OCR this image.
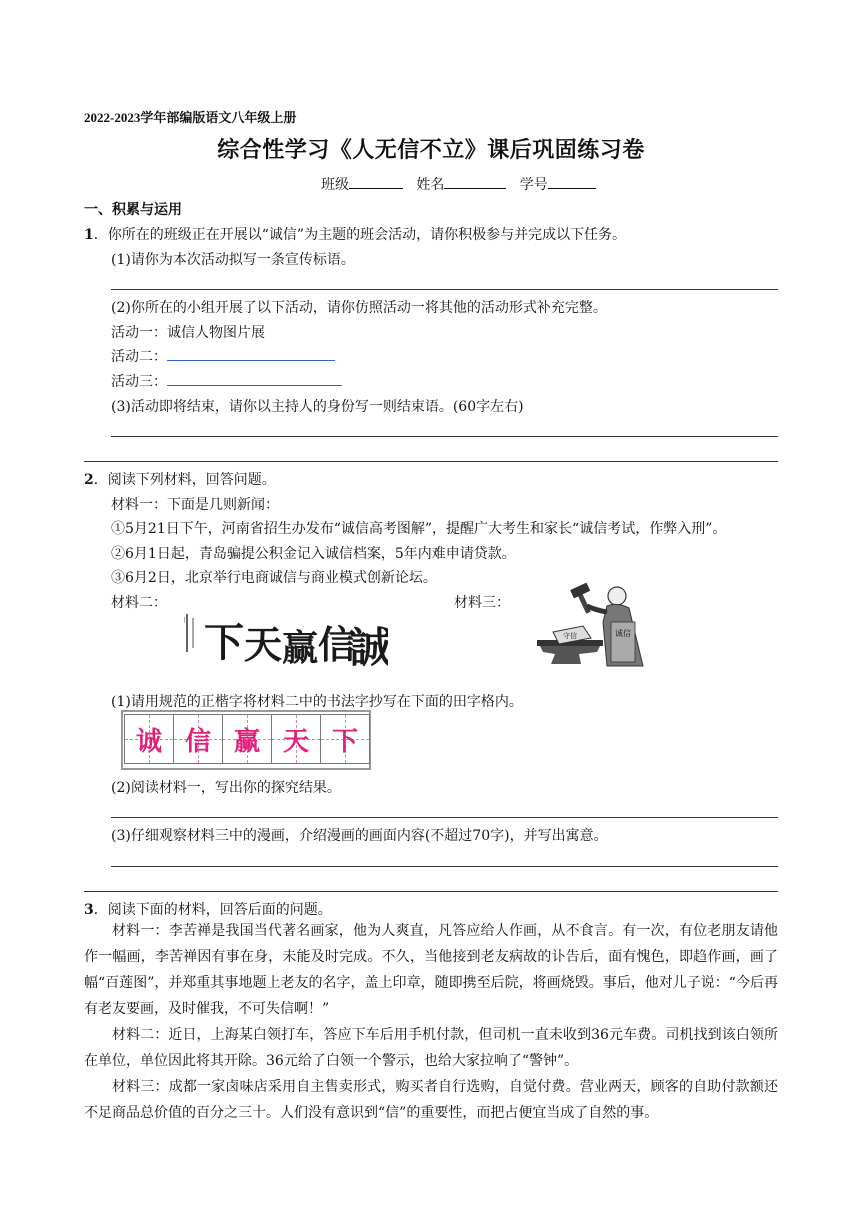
2022-2023学年部编版语文八年级上册
综合性学习《人无信不立》课后巩固练习卷
班级	姓名	学号
一、积累与运用
1．你所在的班级正在开展以“诚信”为主题的班会活动，请你积极参与并完成以下任务。
(1)请你为本次活动拟写一条宣传标语。
(2)你所在的小组开展了以下活动，请你仿照活动一将其他的活动形式补充完整。
活动一：诚信人物图片展
活动二：
活动三：
(3)活动即将结束，请你以主持人的身份写一则结束语。(60字左右)
2．阅读下列材料，回答问题。
材料一：下面是几则新闻：
①5月21日下午，河南省招生办发布“诚信高考图解”，提醒广大考生和家长“诚信考试，作弊入刑”。
②6月1日起，青岛骗提公积金记入诚信档案，5年内难申请贷款。
③6月2日，北京举行电商诚信与商业模式创新论坛。
材料二：	材料三：
∣ 下 天 赢 信
誠	守信	诚信
(1)请用规范的正楷字将材料二中的书法字抄写在下面的田字格内。
诚 信 赢 天 下
(2)阅读材料一，写出你的探究结果。
(3)仔细观察材料三中的漫画，介绍漫画的画面内容(不超过70字)，并写出寓意。
3．阅读下面的材料，回答后面的问题。
材料一：李苦禅是我国当代著名画家，他为人爽直，凡答应给人作画，从不食言。有一次，有位老朋友请他作一幅画，李苦禅因有事在身，未能及时完成。不久，当他接到老友病故的讣告后，面有愧色，即趋作画，画了幅“百莲图”，并郑重其事地题上老友的名字，盖上印章，随即携至后院，将画烧毁。事后，他对儿子说：“今后再有老友要画，及时催我，不可失信啊！”
材料二：近日，上海某白领打车，答应下车后用手机付款，但司机一直未收到36元车费。司机找到该白领所在单位，单位因此将其开除。36元给了白领一个警示，也给大家拉响了“警钟”。
材料三：成都一家卤味店采用自主售卖形式，购买者自行选购，自觉付费。营业两天，顾客的自助付款额还不足商品总价值的百分之三十。人们没有意识到“信”的重要性，而把占便宜当成了自然的事。
